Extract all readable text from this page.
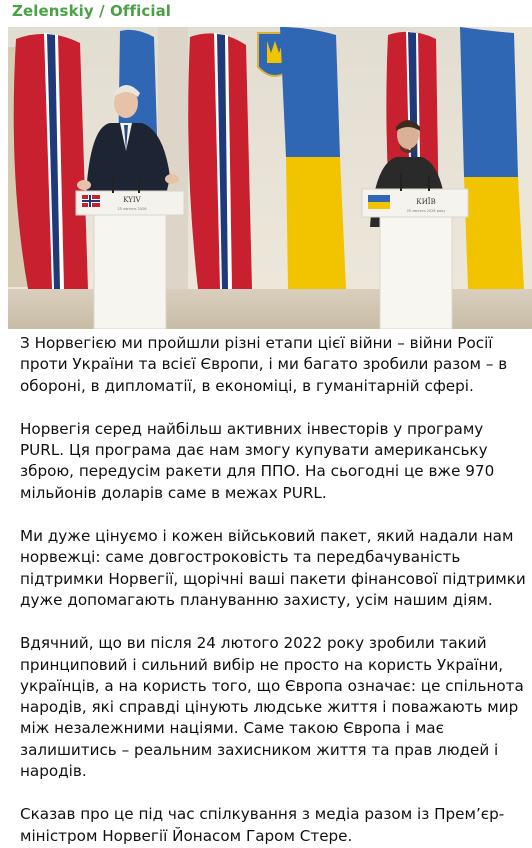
Zelenskiy / Official
KYIV
25 лютого 2026
КИЇВ
25 лютого 2026 року

З Норвегією ми пройшли різні етапи цієї війни – війни Росії проти України та всієї Європи, і ми багато зробили разом – в обороні, в дипломатії, в економіці, в гуманітарній сфері.

Норвегія серед найбільш активних інвесторів у програму PURL. Ця програма дає нам змогу купувати американську зброю, передусім ракети для ППО. На сьогодні це вже 970 мільйонів доларів саме в межах PURL.

Ми дуже цінуємо і кожен військовий пакет, який надали нам норвежці: саме довгостроковість та передбачуваність підтримки Норвегії, щорічні ваші пакети фінансової підтримки дуже допомагають плануванню захисту, усім нашим діям.

Вдячний, що ви після 24 лютого 2022 року зробили такий принциповий і сильний вибір не просто на користь України, українців, а на користь того, що Європа означає: це спільнота народів, які справді цінують людське життя і поважають мир між незалежними націями. Саме такою Європа і має залишитись – реальним захисником життя та прав людей і народів.

Сказав про це під час спілкування з медіа разом із Прем’єр-міністром Норвегії Йонасом Гаром Стере.
